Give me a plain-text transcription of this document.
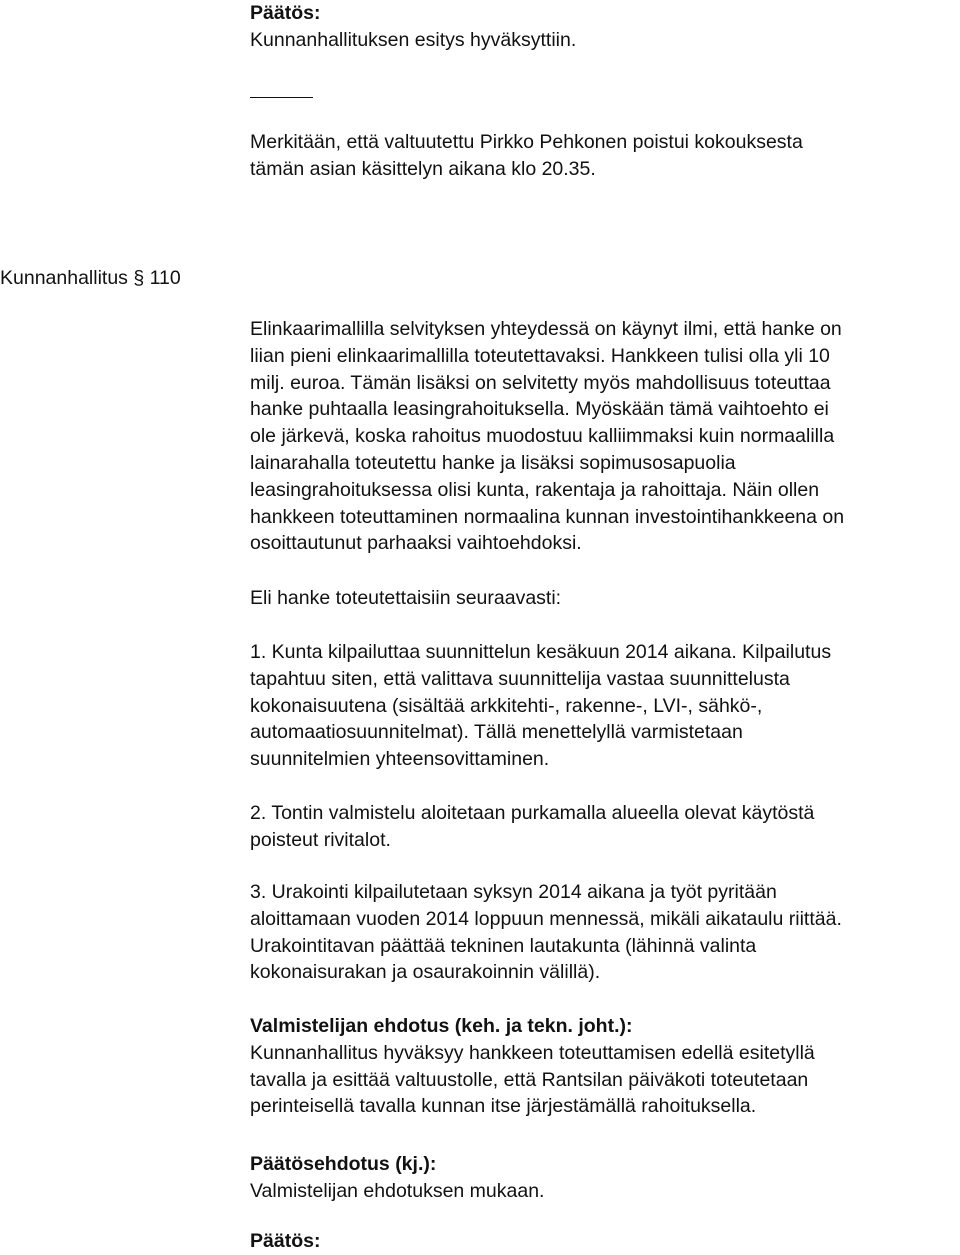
Päätös:
Kunnanhallituksen esitys hyväksyttiin.
Merkitään, että valtuutettu Pirkko Pehkonen poistui kokouksesta
tämän asian käsittelyn aikana klo 20.35.
Kunnanhallitus § 110
Elinkaarimallilla selvityksen yhteydessä on käynyt ilmi, että hanke on
liian pieni elinkaarimallilla toteutettavaksi. Hankkeen tulisi olla yli 10
milj. euroa. Tämän lisäksi on selvitetty myös mahdollisuus toteuttaa
hanke puhtaalla leasingrahoituksella. Myöskään tämä vaihtoehto ei
ole järkevä, koska rahoitus muodostuu kalliimmaksi kuin normaalilla
lainarahalla toteutettu hanke ja lisäksi sopimusosapuolia
leasingrahoituksessa olisi kunta, rakentaja ja rahoittaja. Näin ollen
hankkeen toteuttaminen normaalina kunnan investointihankkeena on
osoittautunut parhaaksi vaihtoehdoksi.
Eli hanke toteutettaisiin seuraavasti:
1. Kunta kilpailuttaa suunnittelun kesäkuun 2014 aikana. Kilpailutus
tapahtuu siten, että valittava suunnittelija vastaa suunnittelusta
kokonaisuutena (sisältää arkkitehti-, rakenne-, LVI-, sähkö-,
automaatiosuunnitelmat). Tällä menettelyllä varmistetaan
suunnitelmien yhteensovittaminen.
2. Tontin valmistelu aloitetaan purkamalla alueella olevat käytöstä
poisteut rivitalot.
3. Urakointi kilpailutetaan syksyn 2014 aikana ja työt pyritään
aloittamaan vuoden 2014 loppuun mennessä, mikäli aikataulu riittää.
Urakointitavan päättää tekninen lautakunta (lähinnä valinta
kokonaisurakan ja osaurakoinnin välillä).
Valmistelijan ehdotus (keh. ja tekn. joht.):
Kunnanhallitus hyväksyy hankkeen toteuttamisen edellä esitetyllä
tavalla ja esittää valtuustolle, että Rantsilan päiväkoti toteutetaan
perinteisellä tavalla kunnan itse järjestämällä rahoituksella.
Päätösehdotus (kj.):
Valmistelijan ehdotuksen mukaan.
Päätös:
